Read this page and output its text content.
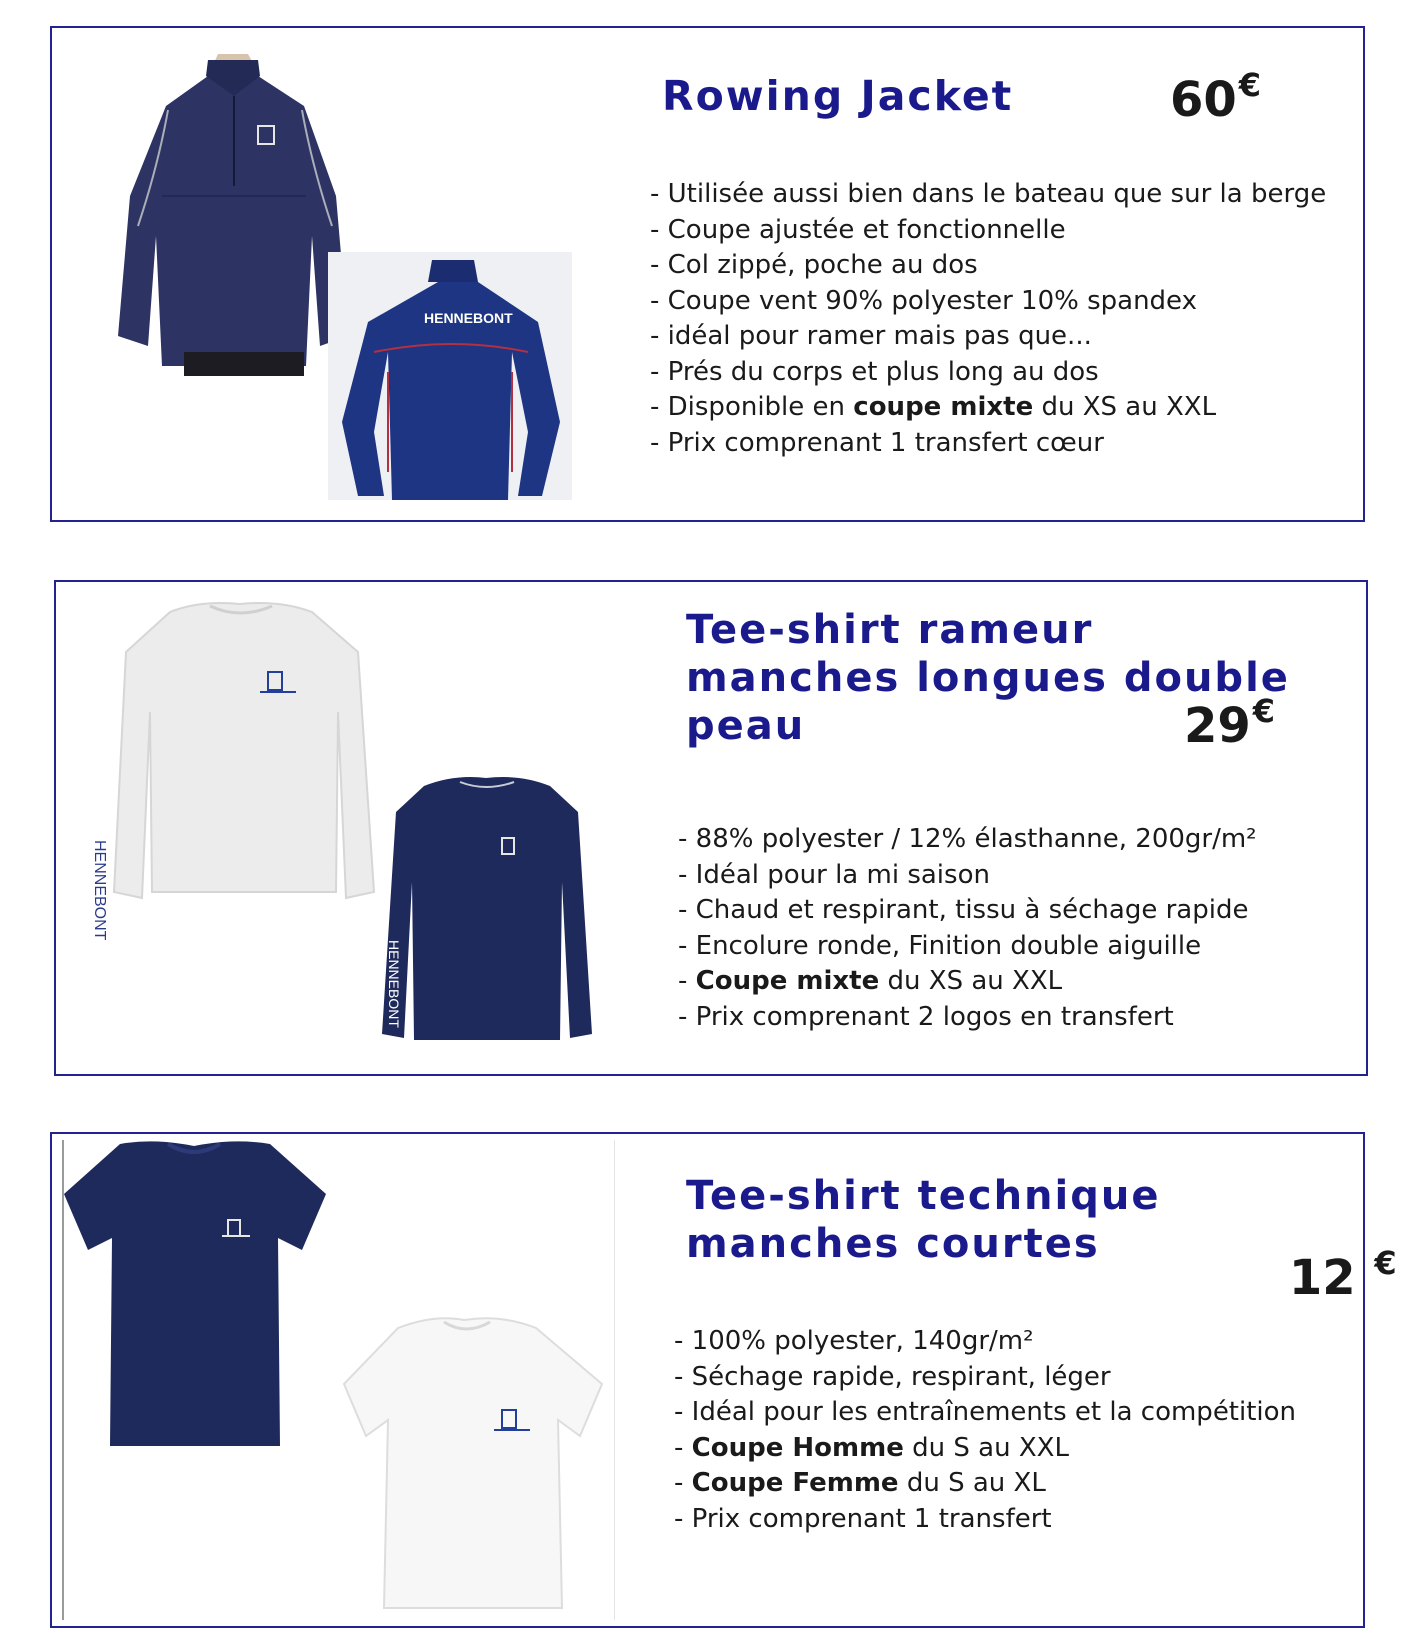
HENNEBONT
Rowing Jacket	60€
- Utilisée aussi bien dans le bateau que sur la berge
- Coupe ajustée et fonctionnelle
- Col zippé, poche au dos
- Coupe vent 90% polyester 10% spandex
- idéal pour ramer mais pas que...
- Prés du corps et plus long au dos
- Disponible en coupe mixte du XS au XXL
- Prix comprenant 1 transfert cœur
HENNEBONT
HENNEBONT
Tee-shirt rameur
manches longues double
peau	29€
- 88% polyester / 12% élasthanne, 200gr/m²
- Idéal pour la mi saison
- Chaud et respirant, tissu à séchage rapide
- Encolure ronde, Finition double aiguille
- Coupe mixte du XS au XXL
- Prix comprenant 2 logos en transfert
Tee-shirt technique
manches courtes

12 €

- 100% polyester, 140gr/m²
- Séchage rapide, respirant, léger
- Idéal pour les entraînements et la compétition
- Coupe Homme du S au XXL
- Coupe Femme du S au XL
- Prix comprenant 1 transfert
